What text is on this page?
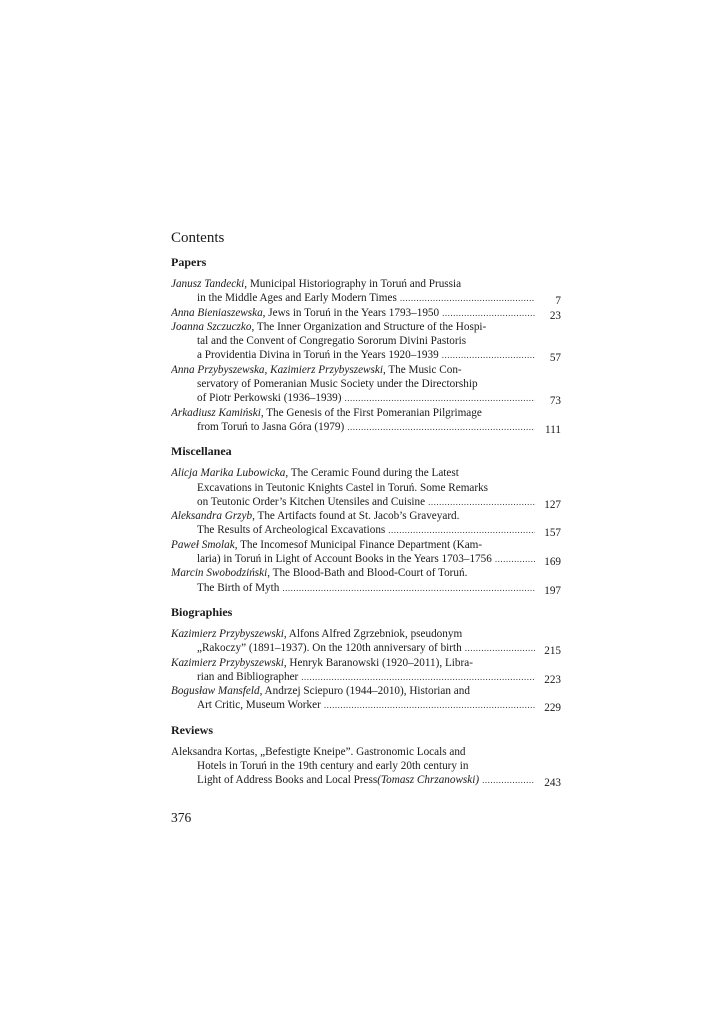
Contents
Papers
Janusz Tandecki, Municipal Historiography in Toruń and Prussia
in the Middle Ages and Early Modern Times .....	7
Anna Bieniaszewska, Jews in Toruń in the Years 1793–1950 .....	23
Joanna Szczuczko, The Inner Organization and Structure of the Hospi-
tal and the Convent of Congregatio Sororum Divini Pastoris
a Providentia Divina in Toruń in the Years 1920–1939 .....	57
Anna Przybyszewska, Kazimierz Przybyszewski, The Music Con-
servatory of Pomeranian Music Society under the Directorship
of Piotr Perkowski (1936–1939) .....	73
Arkadiusz Kamiński, The Genesis of the First Pomeranian Pilgrimage
from Toruń to Jasna Góra (1979) .....	111
Miscellanea
Alicja Marika Lubowicka, The Ceramic Found during the Latest
Excavations in Teutonic Knights Castel in Toruń. Some Remarks
on Teutonic Order’s Kitchen Utensiles and Cuisine .....	127
Aleksandra Grzyb, The Artifacts found at St. Jacob’s Graveyard.
The Results of Archeological Excavations .....	157
Paweł Smolak, The Incomesof Municipal Finance Department (Kam-
laria) in Toruń in Light of Account Books in the Years 1703–1756 .....	169
Marcin Swobodziński, The Blood-Bath and Blood-Court of Toruń.
The Birth of Myth .....	197
Biographies
Kazimierz Przybyszewski, Alfons Alfred Zgrzebniok, pseudonym
„Rakoczy” (1891–1937). On the 120th anniversary of birth .....	215
Kazimierz Przybyszewski, Henryk Baranowski (1920–2011), Libra-
rian and Bibliographer .....	223
Bogusław Mansfeld, Andrzej Sciepuro (1944–2010), Historian and
Art Critic, Museum Worker .....	229
Reviews
Aleksandra Kortas, „Befestigte Kneipe”. Gastronomic Locals and
Hotels in Toruń in the 19th century and early 20th century in
Light of Address Books and Local Press (Tomasz Chrzanowski) .....	243
376
